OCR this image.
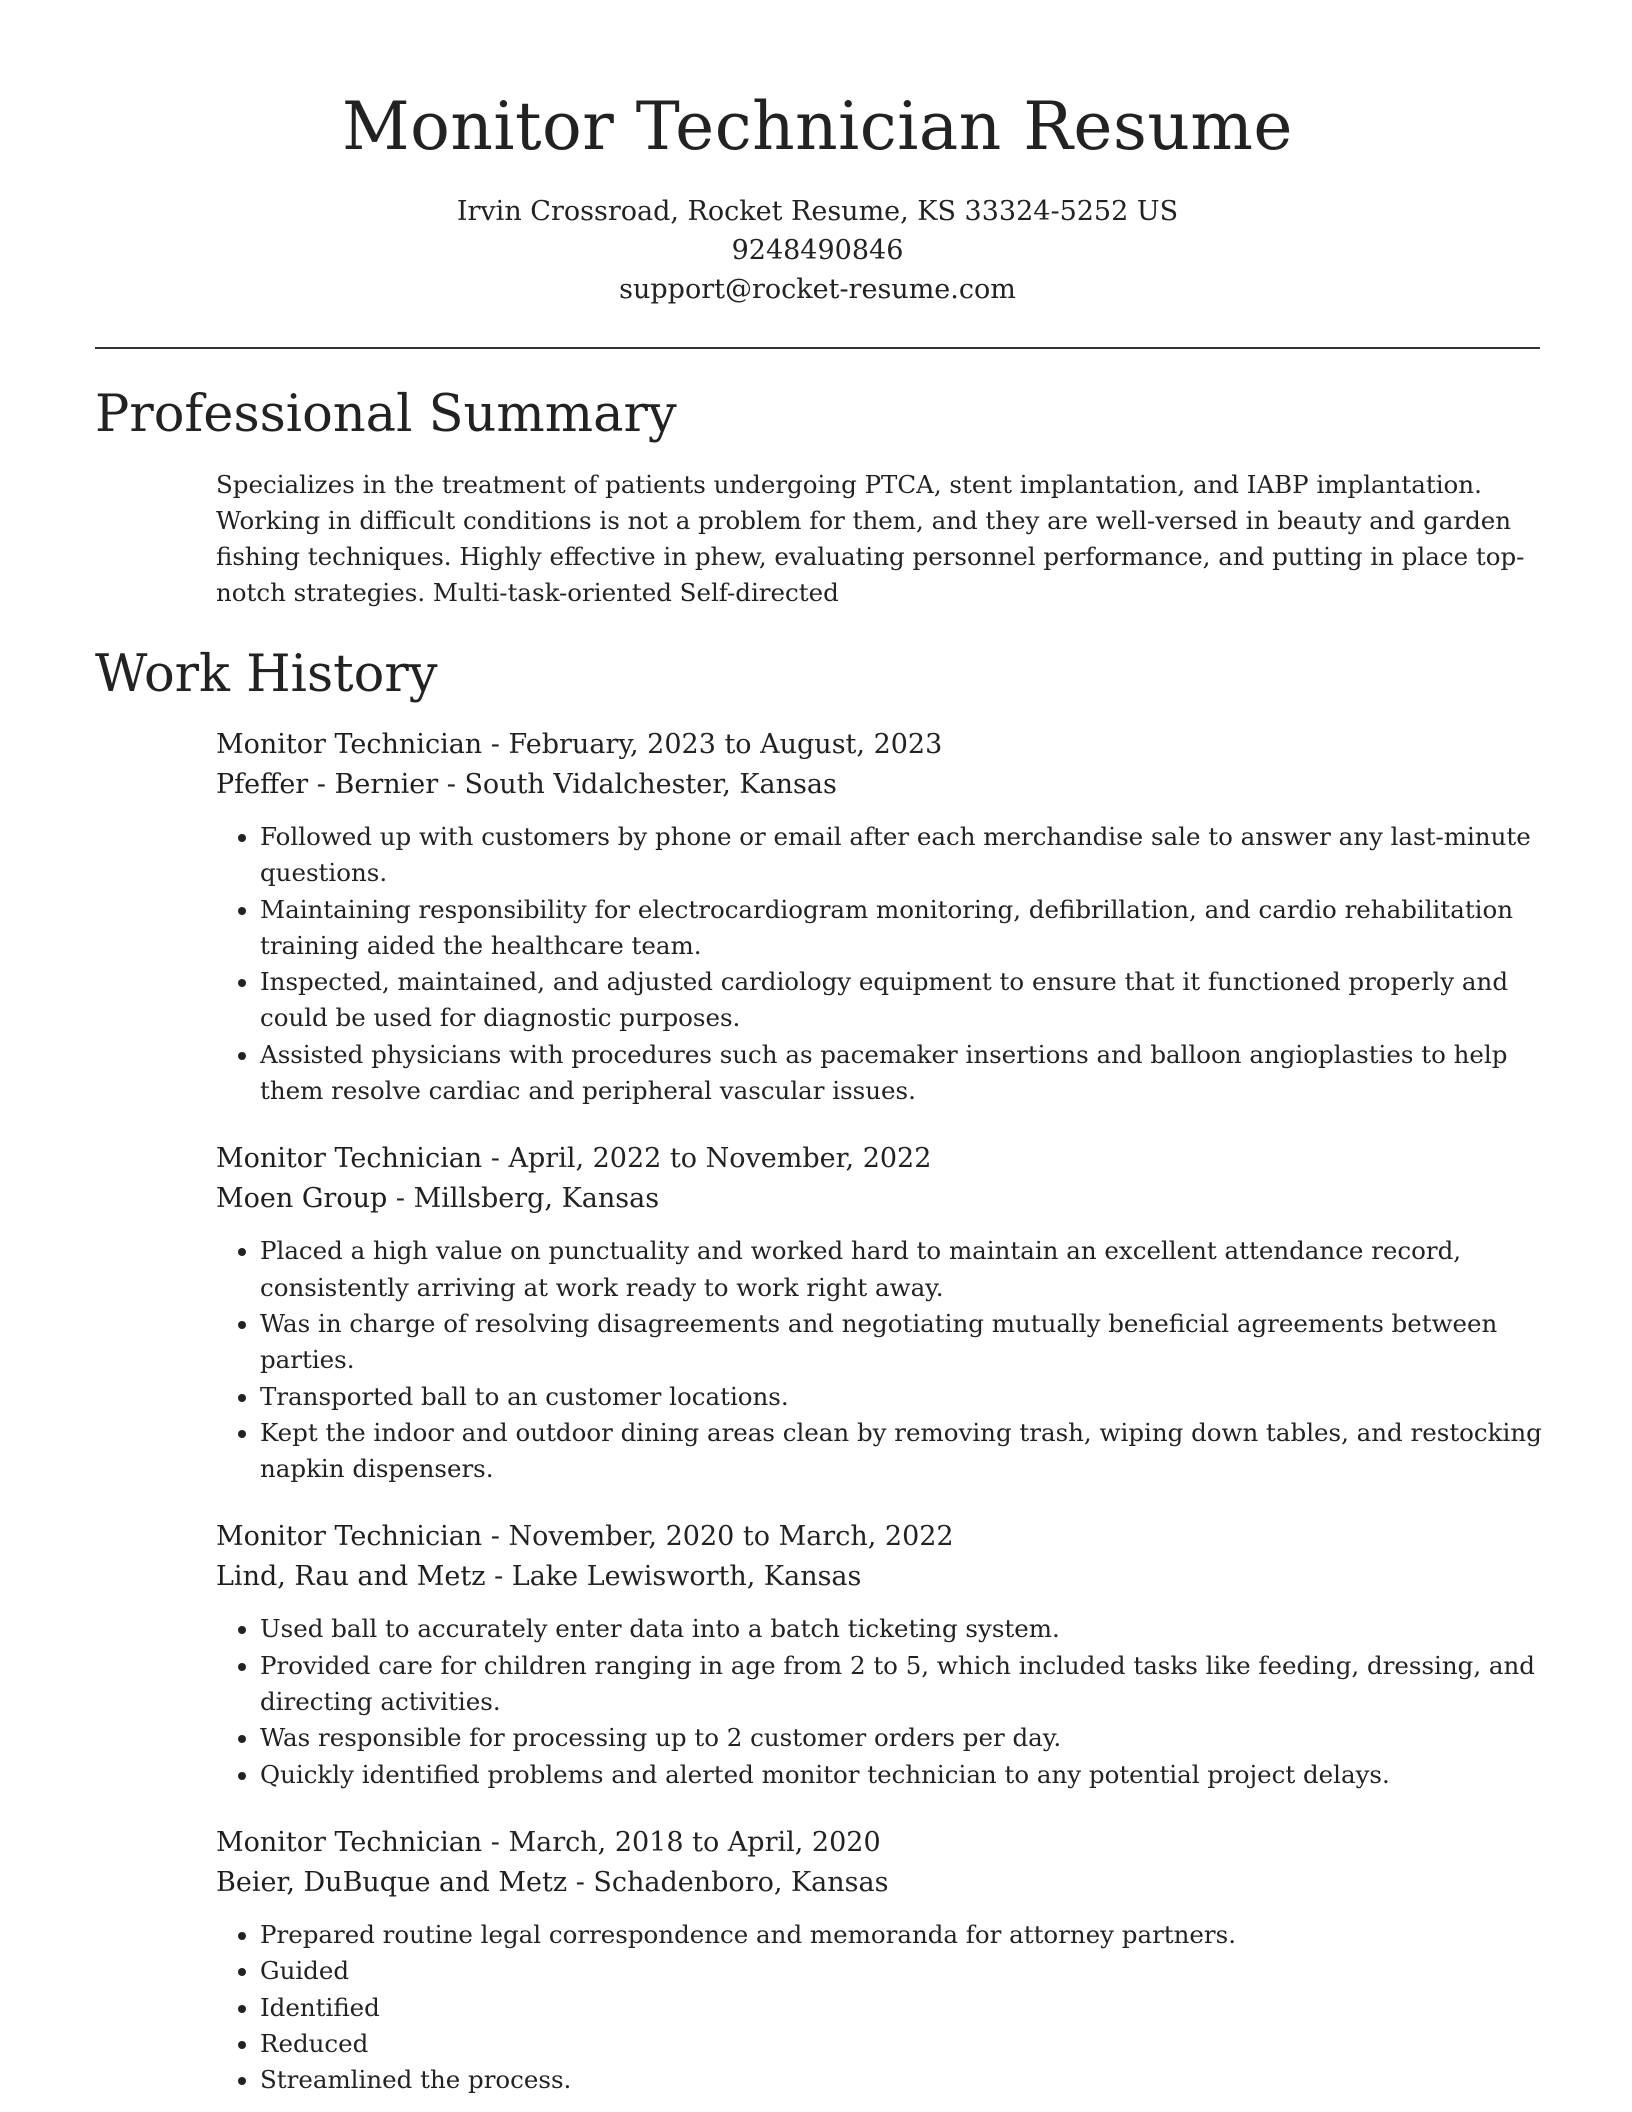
Monitor Technician Resume
Irvin Crossroad, Rocket Resume, KS 33324-5252 US
9248490846
support@rocket-resume.com
Professional Summary
Specializes in the treatment of patients undergoing PTCA, stent implantation, and IABP implantation. Working in difficult conditions is not a problem for them, and they are well-versed in beauty and garden fishing techniques. Highly effective in phew, evaluating personnel performance, and putting in place top-notch strategies. Multi-task-oriented Self-directed
Work History
Monitor Technician - February, 2023 to August, 2023
Pfeffer - Bernier - South Vidalchester, Kansas
• Followed up with customers by phone or email after each merchandise sale to answer any last-minute questions.
• Maintaining responsibility for electrocardiogram monitoring, defibrillation, and cardio rehabilitation training aided the healthcare team.
• Inspected, maintained, and adjusted cardiology equipment to ensure that it functioned properly and could be used for diagnostic purposes.
• Assisted physicians with procedures such as pacemaker insertions and balloon angioplasties to help them resolve cardiac and peripheral vascular issues.
Monitor Technician - April, 2022 to November, 2022
Moen Group - Millsberg, Kansas
• Placed a high value on punctuality and worked hard to maintain an excellent attendance record, consistently arriving at work ready to work right away.
• Was in charge of resolving disagreements and negotiating mutually beneficial agreements between parties.
• Transported ball to an customer locations.
• Kept the indoor and outdoor dining areas clean by removing trash, wiping down tables, and restocking napkin dispensers.
Monitor Technician - November, 2020 to March, 2022
Lind, Rau and Metz - Lake Lewisworth, Kansas
• Used ball to accurately enter data into a batch ticketing system.
• Provided care for children ranging in age from 2 to 5, which included tasks like feeding, dressing, and directing activities.
• Was responsible for processing up to 2 customer orders per day.
• Quickly identified problems and alerted monitor technician to any potential project delays.
Monitor Technician - March, 2018 to April, 2020
Beier, DuBuque and Metz - Schadenboro, Kansas
• Prepared routine legal correspondence and memoranda for attorney partners.
• Guided
• Identified
• Reduced
• Streamlined the process.
